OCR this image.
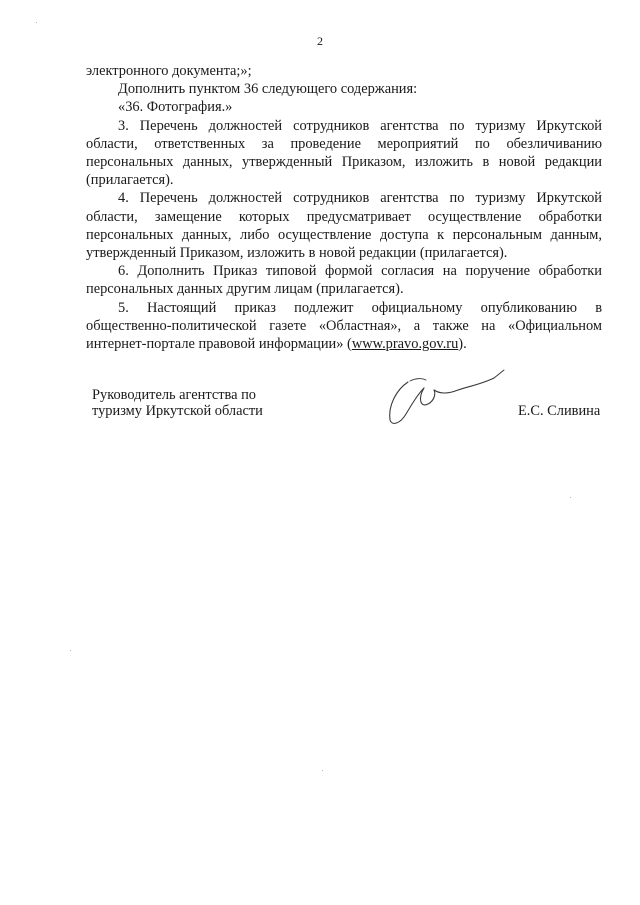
2

электронного документа;»;

Дополнить пунктом 36 следующего содержания:

«36. Фотография.»

3. Перечень должностей сотрудников агентства по туризму Иркутской области, ответственных за проведение мероприятий по обезличиванию персональных данных, утвержденный Приказом, изложить в новой редакции (прилагается).

4. Перечень должностей сотрудников агентства по туризму Иркутской области, замещение которых предусматривает осуществление обработки персональных данных, либо осуществление доступа к персональным данным, утвержденный Приказом, изложить в новой редакции (прилагается).

6. Дополнить Приказ типовой формой согласия на поручение обработки персональных данных другим лицам (прилагается).

5. Настоящий приказ подлежит официальному опубликованию в общественно-политической газете «Областная», а также на «Официальном интернет-портале правовой информации» (www.pravo.gov.ru).

Руководитель агентства по
туризму Иркутской области	Е.С. Сливина
